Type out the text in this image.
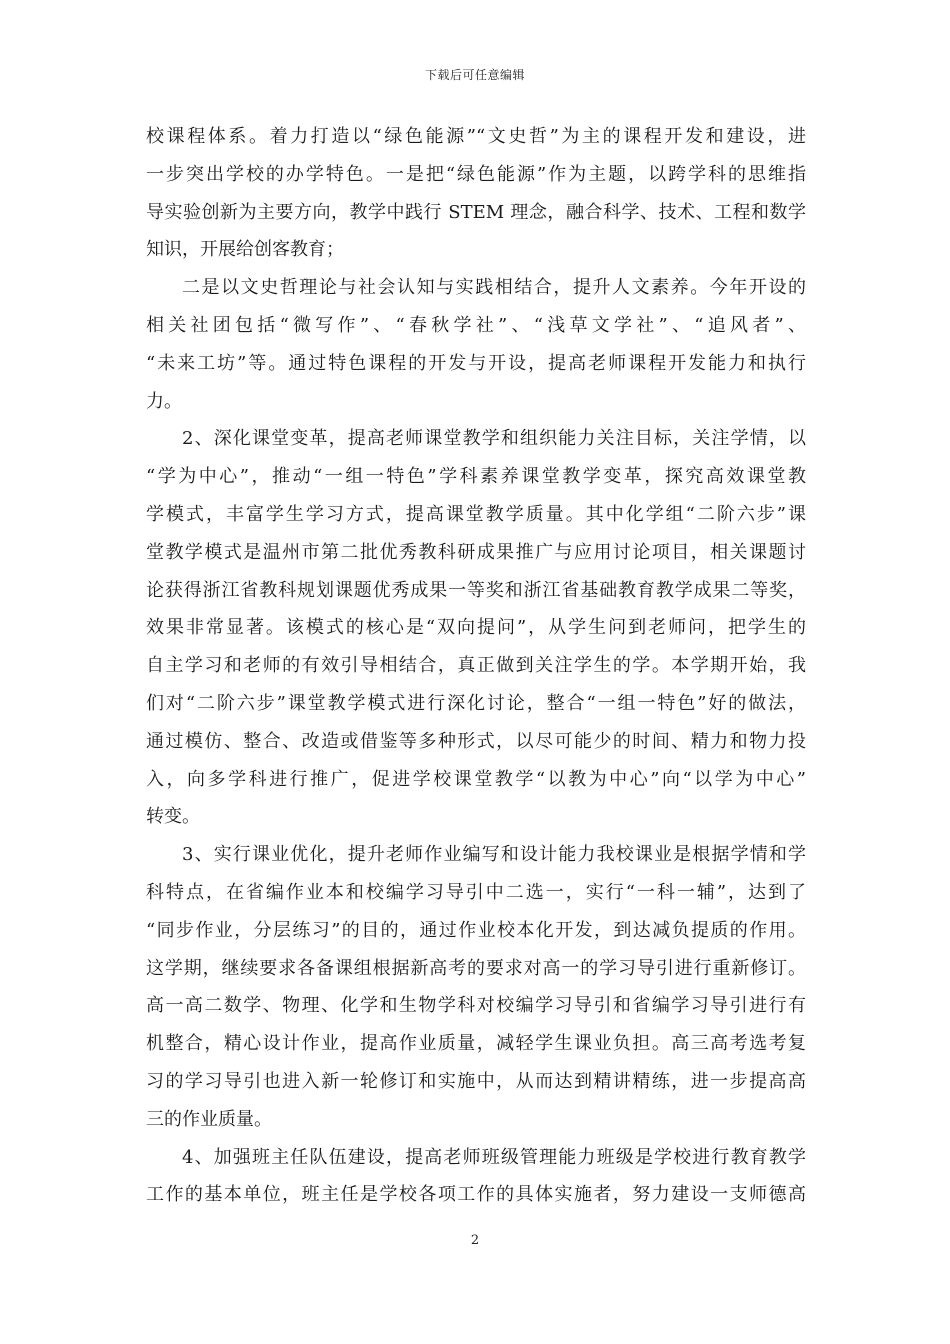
下载后可任意编辑
校课程体系。着力打造以“绿色能源”“文史哲”为主的课程开发和建设，进
一步突出学校的办学特色。一是把“绿色能源”作为主题，以跨学科的思维指
导实验创新为主要方向，教学中践行 STEM 理念，融合科学、技术、工程和数学
知识，开展给创客教育；
二是以文史哲理论与社会认知与实践相结合，提升人文素养。今年开设的
相关社团包括“微写作”、“春秋学社”、“浅草文学社”、“追风者”、
“未来工坊”等。通过特色课程的开发与开设，提高老师课程开发能力和执行
力。
2、深化课堂变革，提高老师课堂教学和组织能力关注目标，关注学情，以
“学为中心”，推动“一组一特色”学科素养课堂教学变革，探究高效课堂教
学模式，丰富学生学习方式，提高课堂教学质量。其中化学组“二阶六步”课
堂教学模式是温州市第二批优秀教科研成果推广与应用讨论项目，相关课题讨
论获得浙江省教科规划课题优秀成果一等奖和浙江省基础教育教学成果二等奖，
效果非常显著。该模式的核心是“双向提问”，从学生问到老师问，把学生的
自主学习和老师的有效引导相结合，真正做到关注学生的学。本学期开始，我
们对“二阶六步”课堂教学模式进行深化讨论，整合“一组一特色”好的做法，
通过模仿、整合、改造或借鉴等多种形式，以尽可能少的时间、精力和物力投
入，向多学科进行推广，促进学校课堂教学“以教为中心”向“以学为中心”
转变。
3、实行课业优化，提升老师作业编写和设计能力我校课业是根据学情和学
科特点，在省编作业本和校编学习导引中二选一，实行“一科一辅”，达到了
“同步作业，分层练习”的目的，通过作业校本化开发，到达减负提质的作用。
这学期，继续要求各备课组根据新高考的要求对高一的学习导引进行重新修订。
高一高二数学、物理、化学和生物学科对校编学习导引和省编学习导引进行有
机整合，精心设计作业，提高作业质量，减轻学生课业负担。高三高考选考复
习的学习导引也进入新一轮修订和实施中，从而达到精讲精练，进一步提高高
三的作业质量。
4、加强班主任队伍建设，提高老师班级管理能力班级是学校进行教育教学
工作的基本单位，班主任是学校各项工作的具体实施者，努力建设一支师德高
2
